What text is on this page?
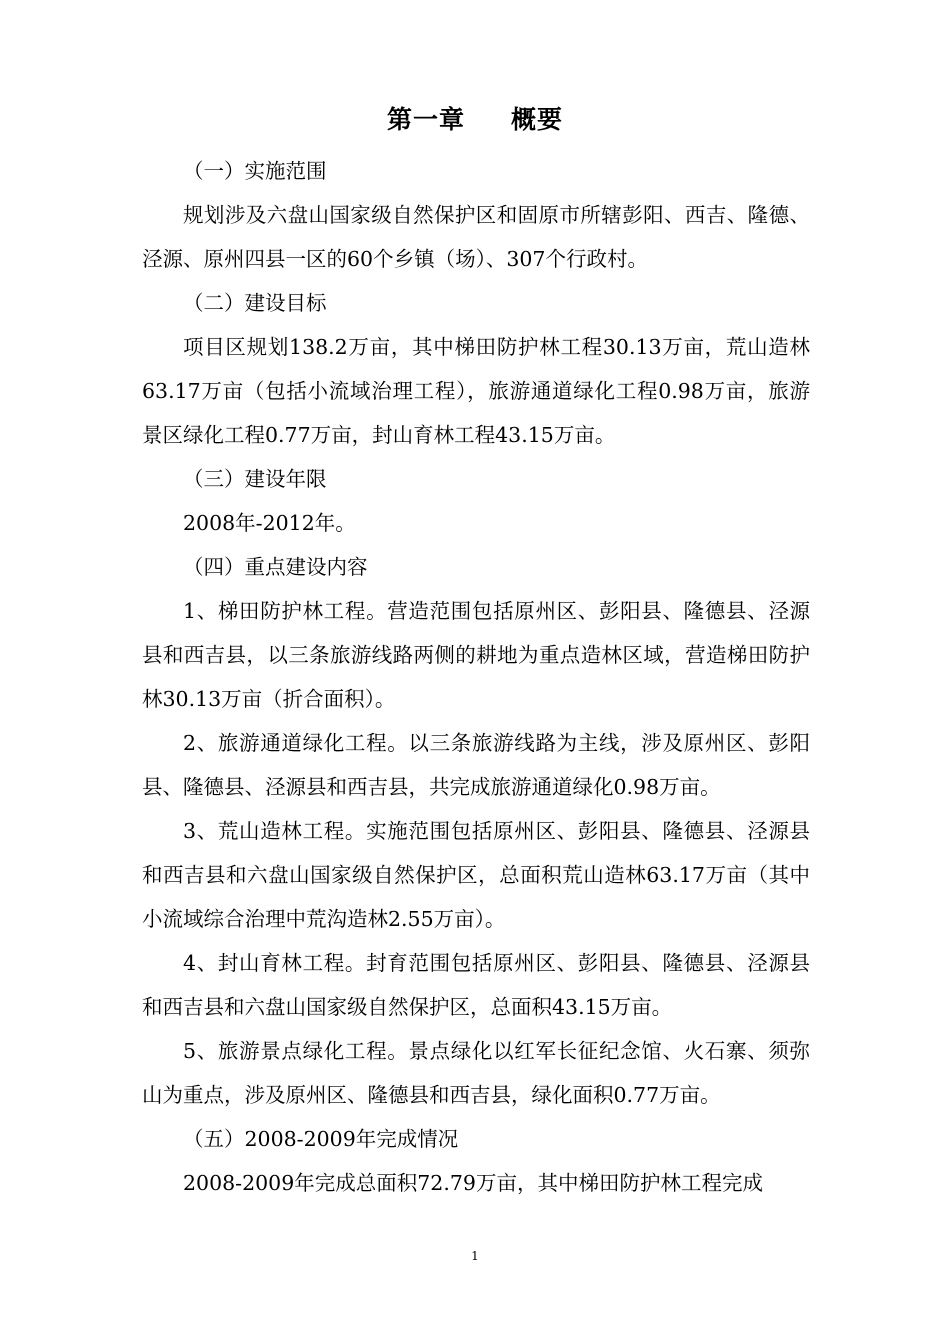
第一章 概要

（一）实施范围

规划涉及六盘山国家级自然保护区和固原市所辖彭阳、西吉、隆德、泾源、原州四县一区的60个乡镇（场）、307个行政村。

（二）建设目标

项目区规划138.2万亩，其中梯田防护林工程30.13万亩，荒山造林63.17万亩（包括小流域治理工程），旅游通道绿化工程0.98万亩，旅游景区绿化工程0.77万亩，封山育林工程43.15万亩。

（三）建设年限

2008年-2012年。

（四）重点建设内容

1、梯田防护林工程。营造范围包括原州区、彭阳县、隆德县、泾源县和西吉县，以三条旅游线路两侧的耕地为重点造林区域，营造梯田防护林30.13万亩（折合面积）。

2、旅游通道绿化工程。以三条旅游线路为主线，涉及原州区、彭阳县、隆德县、泾源县和西吉县，共完成旅游通道绿化0.98万亩。

3、荒山造林工程。实施范围包括原州区、彭阳县、隆德县、泾源县和西吉县和六盘山国家级自然保护区，总面积荒山造林63.17万亩（其中小流域综合治理中荒沟造林2.55万亩）。

4、封山育林工程。封育范围包括原州区、彭阳县、隆德县、泾源县和西吉县和六盘山国家级自然保护区，总面积43.15万亩。

5、旅游景点绿化工程。景点绿化以红军长征纪念馆、火石寨、须弥山为重点，涉及原州区、隆德县和西吉县，绿化面积0.77万亩。

（五）2008-2009年完成情况

2008-2009年完成总面积72.79万亩，其中梯田防护林工程完成

1
